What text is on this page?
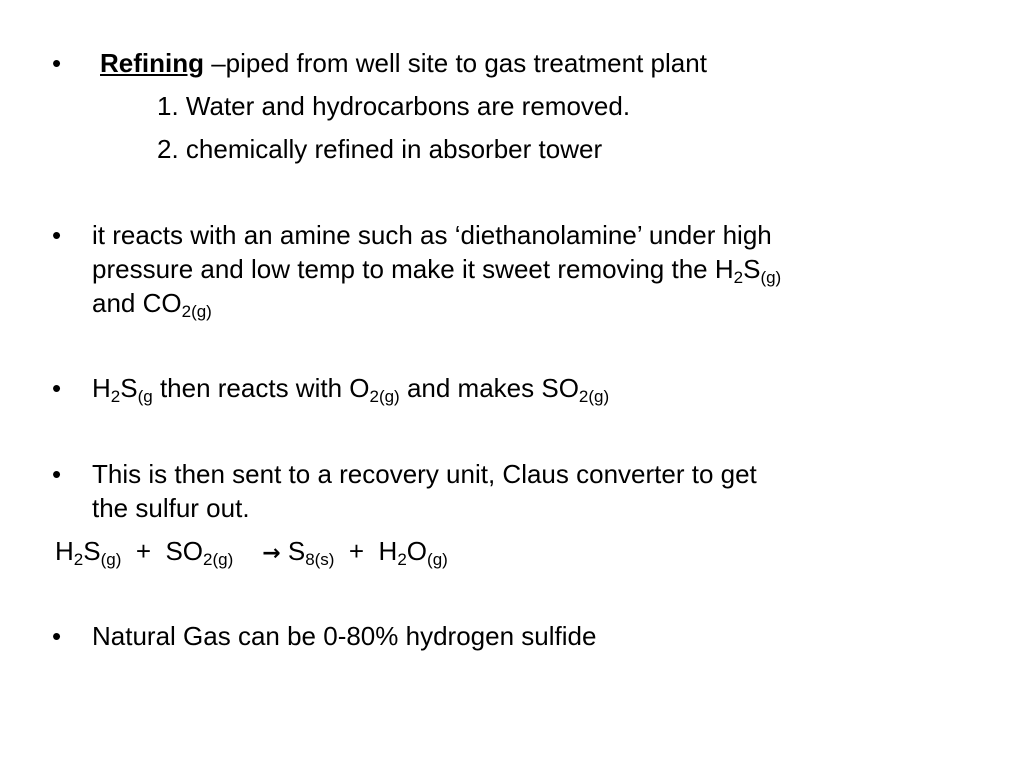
•	Refining –piped from well site to gas treatment plant
1. Water and hydrocarbons are removed.
2. chemically refined in absorber tower
•	it reacts with an amine such as ‘diethanolamine’ under high
pressure and low temp to make it sweet removing the $H_2S_{(g)}$
and $CO_{2(g)}$
•	$H_2S_{(g}$ then reacts with $O_{2(g)}$ and makes $SO_{2(g)}$
•	This is then sent to a recovery unit, Claus converter to get
the sulfur out.
$H_2S_{(g)} + SO_{2(g)} \to S_{8(s)} + H_2O_{(g)}$
•	Natural Gas can be 0-80% hydrogen sulfide
